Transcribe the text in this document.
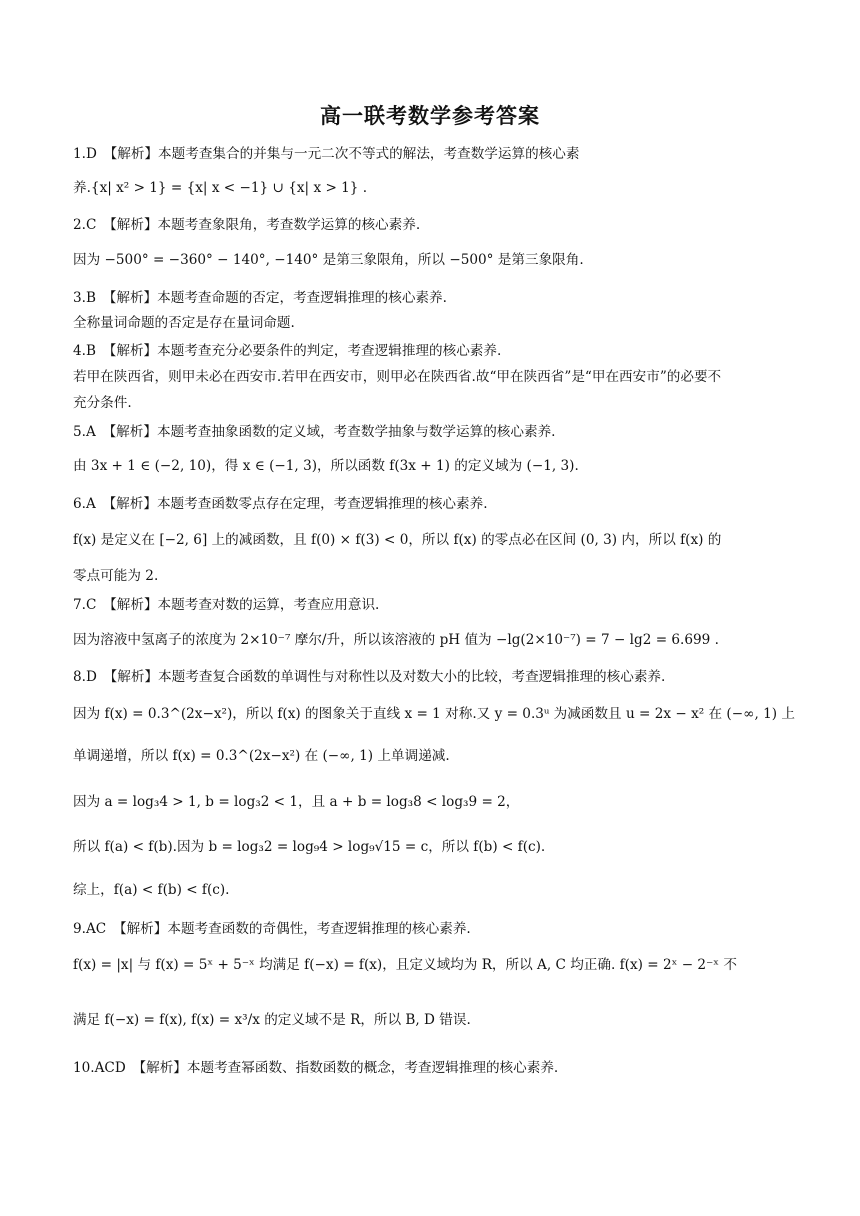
高一联考数学参考答案
1.D　【解析】本题考查集合的并集与一元二次不等式的解法，考查数学运算的核心素
养.{x| x² > 1} = {x| x < −1} ∪ {x| x > 1} .
2.C　【解析】本题考查象限角，考查数学运算的核心素养.
因为 −500° = −360° − 140°, −140° 是第三象限角，所以 −500° 是第三象限角.
3.B　【解析】本题考查命题的否定，考查逻辑推理的核心素养.
全称量词命题的否定是存在量词命题.
4.B　【解析】本题考查充分必要条件的判定，考查逻辑推理的核心素养.
若甲在陕西省，则甲未必在西安市.若甲在西安市，则甲必在陕西省.故“甲在陕西省”是“甲在西安市”的必要不
充分条件.
5.A　【解析】本题考查抽象函数的定义域，考查数学抽象与数学运算的核心素养.
由 3x + 1 ∈ (−2, 10)，得 x ∈ (−1, 3)，所以函数 f(3x + 1) 的定义域为 (−1, 3).
6.A　【解析】本题考查函数零点存在定理，考查逻辑推理的核心素养.
f(x) 是定义在 [−2, 6] 上的减函数，且 f(0) × f(3) < 0，所以 f(x) 的零点必在区间 (0, 3) 内，所以 f(x) 的
零点可能为 2.
7.C　【解析】本题考查对数的运算，考查应用意识.
因为溶液中氢离子的浓度为 2×10⁻⁷ 摩尔/升，所以该溶液的 pH 值为 −lg(2×10⁻⁷) = 7 − lg2 = 6.699 .
8.D　【解析】本题考查复合函数的单调性与对称性以及对数大小的比较，考查逻辑推理的核心素养.
因为 f(x) = 0.3^(2x−x²)，所以 f(x) 的图象关于直线 x = 1 对称.又 y = 0.3ᵘ 为减函数且 u = 2x − x² 在 (−∞, 1) 上
单调递增，所以 f(x) = 0.3^(2x−x²) 在 (−∞, 1) 上单调递减.
因为 a = log₃4 > 1, b = log₃2 < 1，且 a + b = log₃8 < log₃9 = 2，
所以 f(a) < f(b).因为 b = log₃2 = log₉4 > log₉√15 = c，所以 f(b) < f(c).
综上，f(a) < f(b) < f(c).
9.AC　【解析】本题考查函数的奇偶性，考查逻辑推理的核心素养.
f(x) = |x| 与 f(x) = 5ˣ + 5⁻ˣ 均满足 f(−x) = f(x)，且定义域均为 R，所以 A, C 均正确. f(x) = 2ˣ − 2⁻ˣ 不
满足 f(−x) = f(x), f(x) = x³/x 的定义域不是 R，所以 B, D 错误.
10.ACD　【解析】本题考查幂函数、指数函数的概念，考查逻辑推理的核心素养.
